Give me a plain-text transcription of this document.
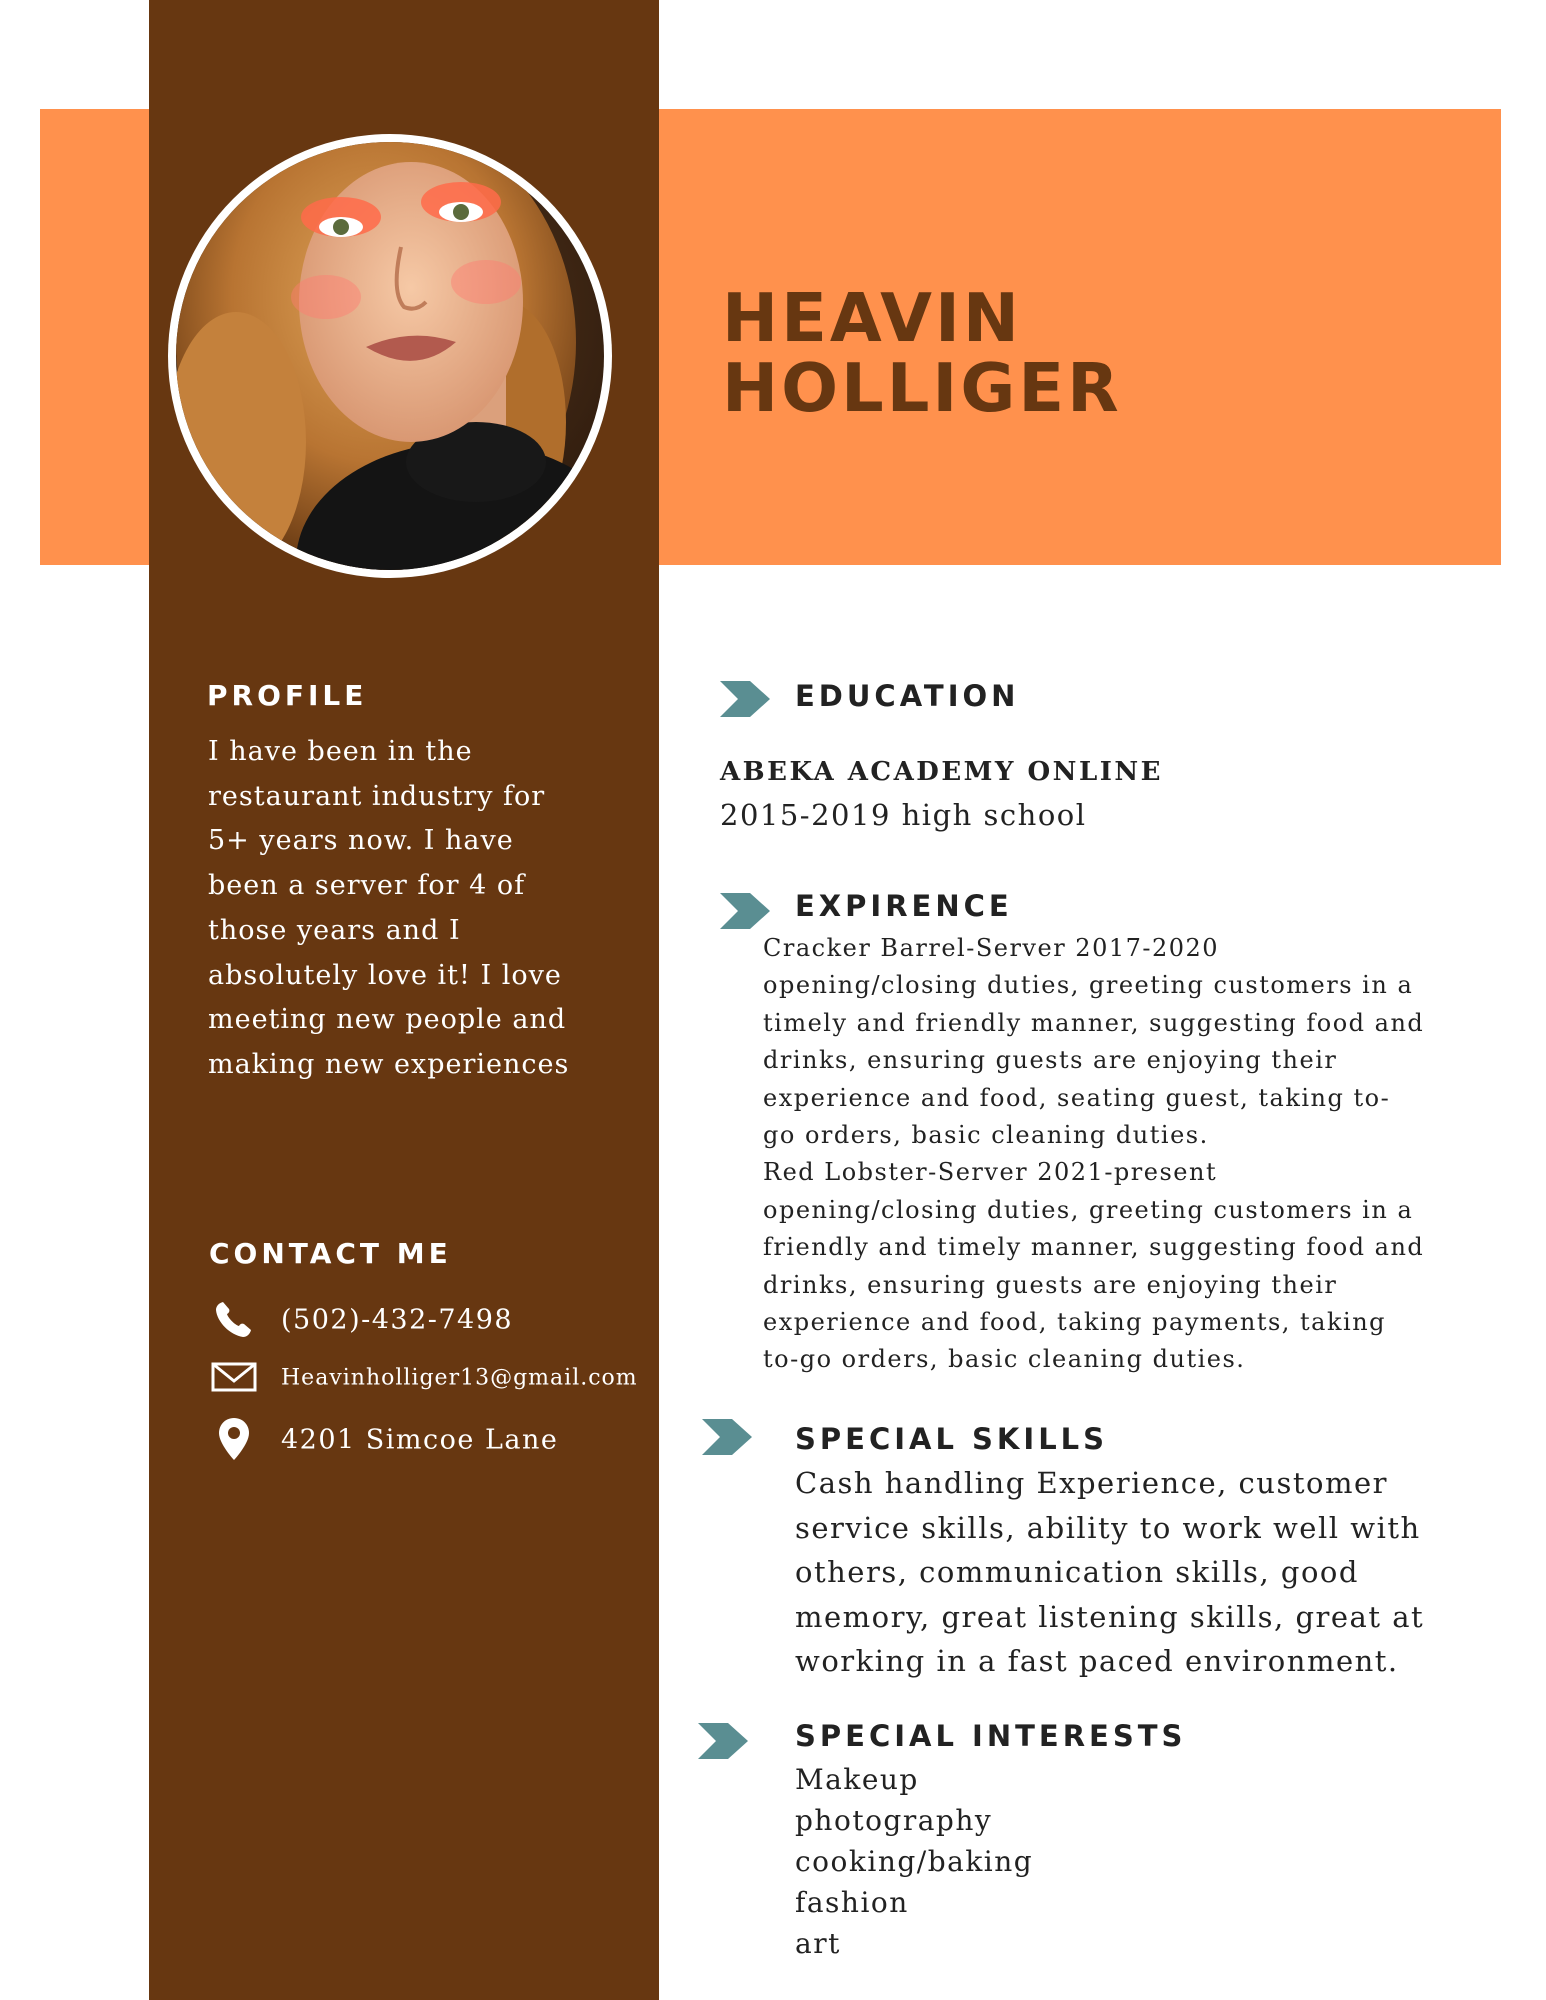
HEAVIN
HOLLIGER
PROFILE
I have been in the
restaurant industry for
5+ years now. I have
been a server for 4 of
those years and I
absolutely love it! I love
meeting new people and
making new experiences
CONTACT ME
(502)-432-7498
Heavinholliger13@gmail.com
4201 Simcoe Lane
EDUCATION
ABEKA ACADEMY ONLINE
2015-2019 high school
EXPIRENCE
Cracker Barrel-Server 2017-2020
opening/closing duties, greeting customers in a
timely and friendly manner, suggesting food and
drinks, ensuring guests are enjoying their
experience and food, seating guest, taking to-
go orders, basic cleaning duties.
Red Lobster-Server 2021-present
opening/closing duties, greeting customers in a
friendly and timely manner, suggesting food and
drinks, ensuring guests are enjoying their
experience and food, taking payments, taking
to-go orders, basic cleaning duties.
SPECIAL SKILLS
Cash handling Experience, customer
service skills, ability to work well with
others, communication skills, good
memory, great listening skills, great at
working in a fast paced environment.
SPECIAL INTERESTS
Makeup
photography
cooking/baking
fashion
art
